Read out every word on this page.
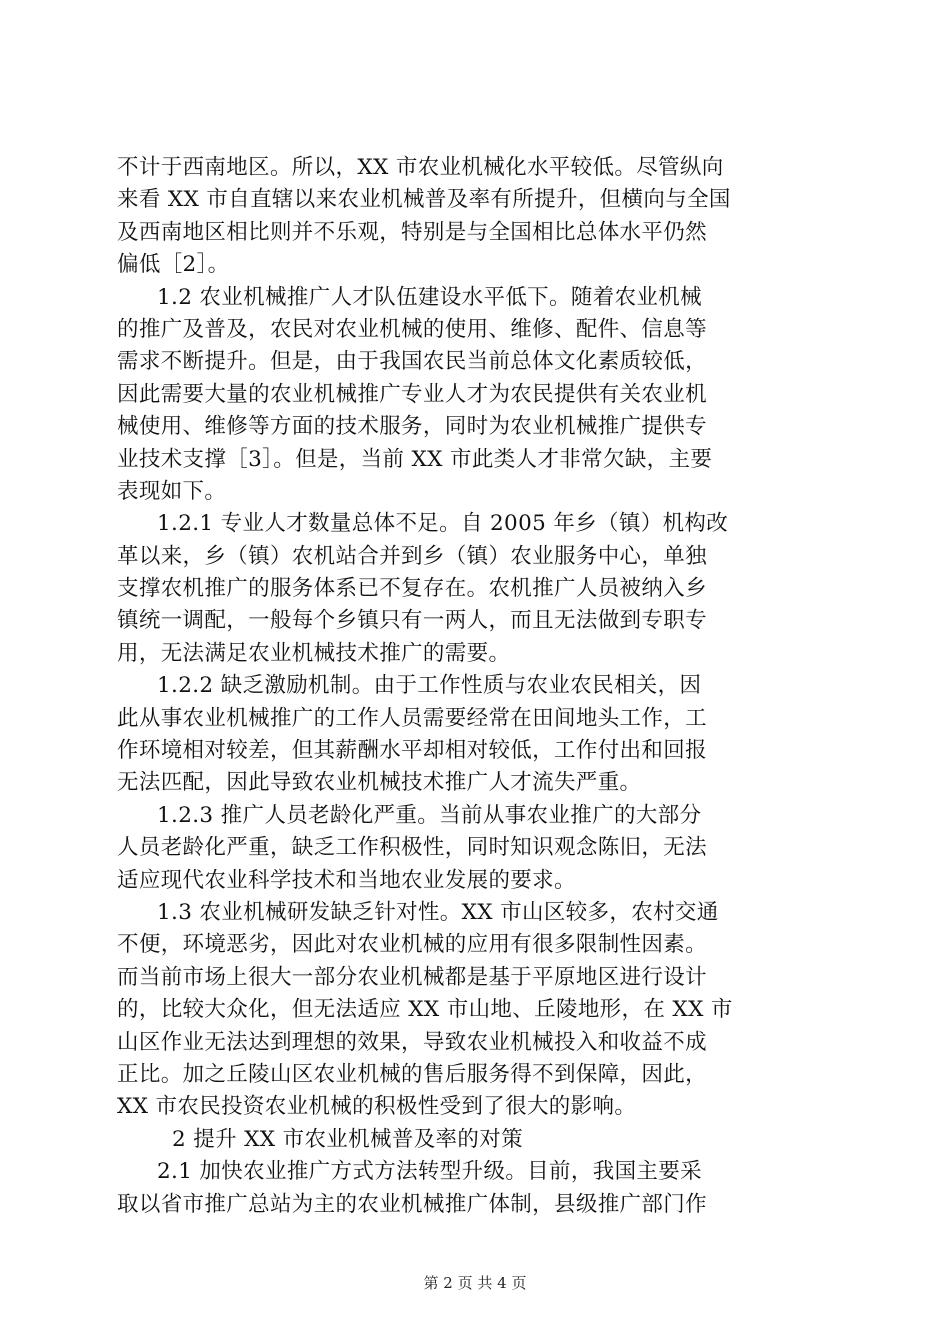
不计于西南地区。所以，XX 市农业机械化水平较低。尽管纵向
来看 XX 市自直辖以来农业机械普及率有所提升，但横向与全国
及西南地区相比则并不乐观，特别是与全国相比总体水平仍然
偏低［2］。
1.2 农业机械推广人才队伍建设水平低下。随着农业机械
的推广及普及，农民对农业机械的使用、维修、配件、信息等
需求不断提升。但是，由于我国农民当前总体文化素质较低，
因此需要大量的农业机械推广专业人才为农民提供有关农业机
械使用、维修等方面的技术服务，同时为农业机械推广提供专
业技术支撑［3］。但是，当前 XX 市此类人才非常欠缺，主要
表现如下。
1.2.1 专业人才数量总体不足。自 2005 年乡（镇）机构改
革以来，乡（镇）农机站合并到乡（镇）农业服务中心，单独
支撑农机推广的服务体系已不复存在。农机推广人员被纳入乡
镇统一调配，一般每个乡镇只有一两人，而且无法做到专职专
用，无法满足农业机械技术推广的需要。
1.2.2 缺乏激励机制。由于工作性质与农业农民相关，因
此从事农业机械推广的工作人员需要经常在田间地头工作，工
作环境相对较差，但其薪酬水平却相对较低，工作付出和回报
无法匹配，因此导致农业机械技术推广人才流失严重。
1.2.3 推广人员老龄化严重。当前从事农业推广的大部分
人员老龄化严重，缺乏工作积极性，同时知识观念陈旧，无法
适应现代农业科学技术和当地农业发展的要求。
1.3 农业机械研发缺乏针对性。XX 市山区较多，农村交通
不便，环境恶劣，因此对农业机械的应用有很多限制性因素。
而当前市场上很大一部分农业机械都是基于平原地区进行设计
的，比较大众化，但无法适应 XX 市山地、丘陵地形，在 XX 市
山区作业无法达到理想的效果，导致农业机械投入和收益不成
正比。加之丘陵山区农业机械的售后服务得不到保障，因此，
XX 市农民投资农业机械的积极性受到了很大的影响。
2 提升 XX 市农业机械普及率的对策
2.1 加快农业推广方式方法转型升级。目前，我国主要采
取以省市推广总站为主的农业机械推广体制，县级推广部门作
第 2 页 共 4 页
